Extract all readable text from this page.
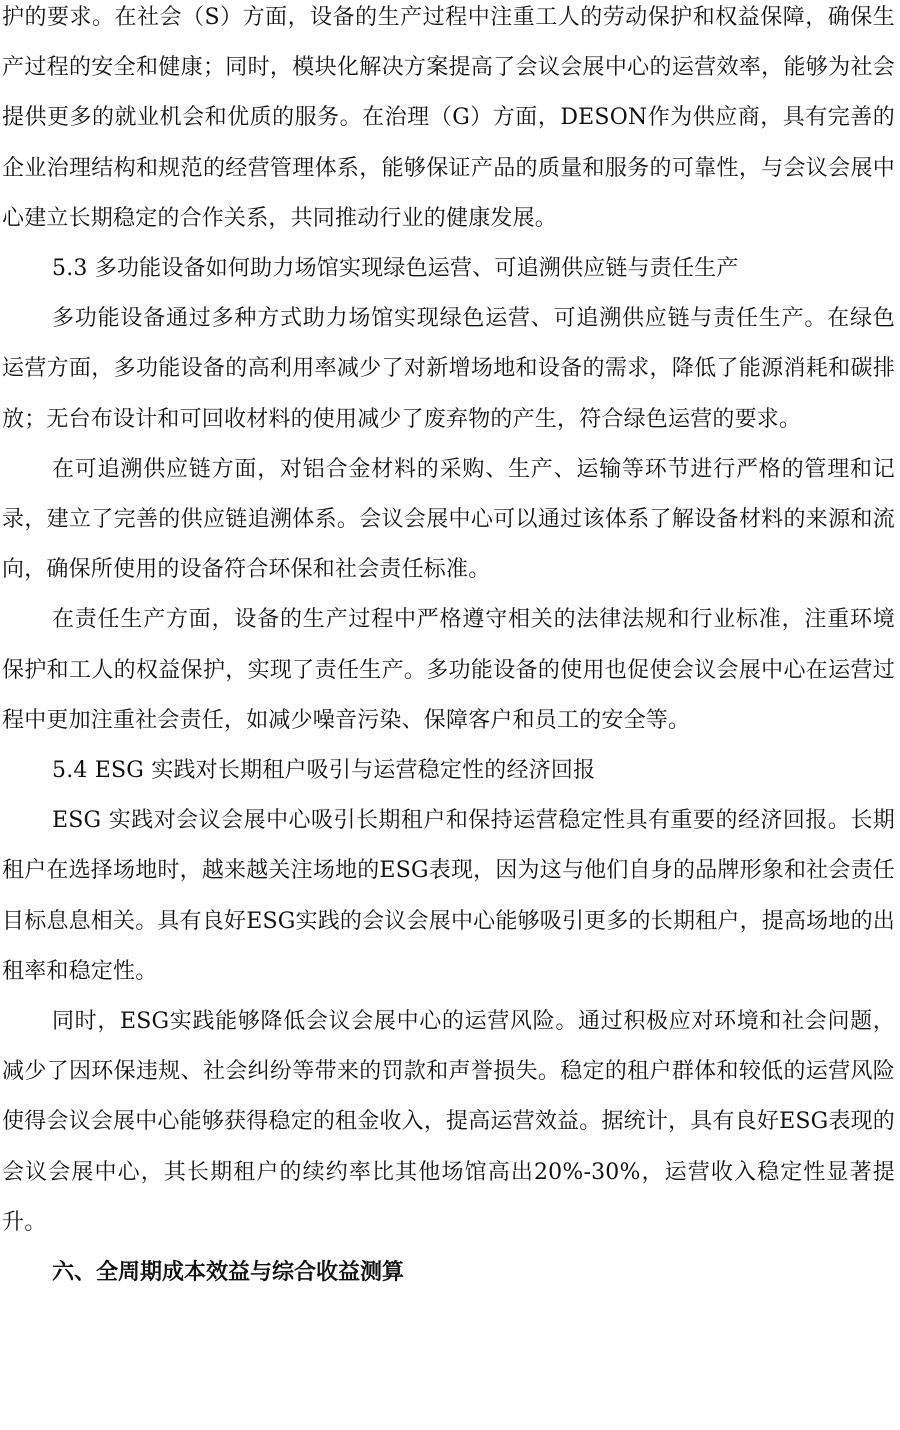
护的要求。在社会（S）方面，设备的生产过程中注重工人的劳动保护和权益保障，确保生产过程的安全和健康；同时，模块化解决方案提高了会议会展中心的运营效率，能够为社会提供更多的就业机会和优质的服务。在治理（G）方面，DESON作为供应商，具有完善的企业治理结构和规范的经营管理体系，能够保证产品的质量和服务的可靠性，与会议会展中心建立长期稳定的合作关系，共同推动行业的健康发展。

5.3 多功能设备如何助力场馆实现绿色运营、可追溯供应链与责任生产

多功能设备通过多种方式助力场馆实现绿色运营、可追溯供应链与责任生产。在绿色运营方面，多功能设备的高利用率减少了对新增场地和设备的需求，降低了能源消耗和碳排放；无台布设计和可回收材料的使用减少了废弃物的产生，符合绿色运营的要求。

在可追溯供应链方面，对铝合金材料的采购、生产、运输等环节进行严格的管理和记录，建立了完善的供应链追溯体系。会议会展中心可以通过该体系了解设备材料的来源和流向，确保所使用的设备符合环保和社会责任标准。

在责任生产方面，设备的生产过程中严格遵守相关的法律法规和行业标准，注重环境保护和工人的权益保护，实现了责任生产。多功能设备的使用也促使会议会展中心在运营过程中更加注重社会责任，如减少噪音污染、保障客户和员工的安全等。

5.4 ESG 实践对长期租户吸引与运营稳定性的经济回报

ESG 实践对会议会展中心吸引长期租户和保持运营稳定性具有重要的经济回报。长期租户在选择场地时，越来越关注场地的ESG表现，因为这与他们自身的品牌形象和社会责任目标息息相关。具有良好ESG实践的会议会展中心能够吸引更多的长期租户，提高场地的出租率和稳定性。

同时，ESG实践能够降低会议会展中心的运营风险。通过积极应对环境和社会问题，减少了因环保违规、社会纠纷等带来的罚款和声誉损失。稳定的租户群体和较低的运营风险使得会议会展中心能够获得稳定的租金收入，提高运营效益。据统计，具有良好ESG表现的会议会展中心，其长期租户的续约率比其他场馆高出20%-30%，运营收入稳定性显著提升。

六、全周期成本效益与综合收益测算
